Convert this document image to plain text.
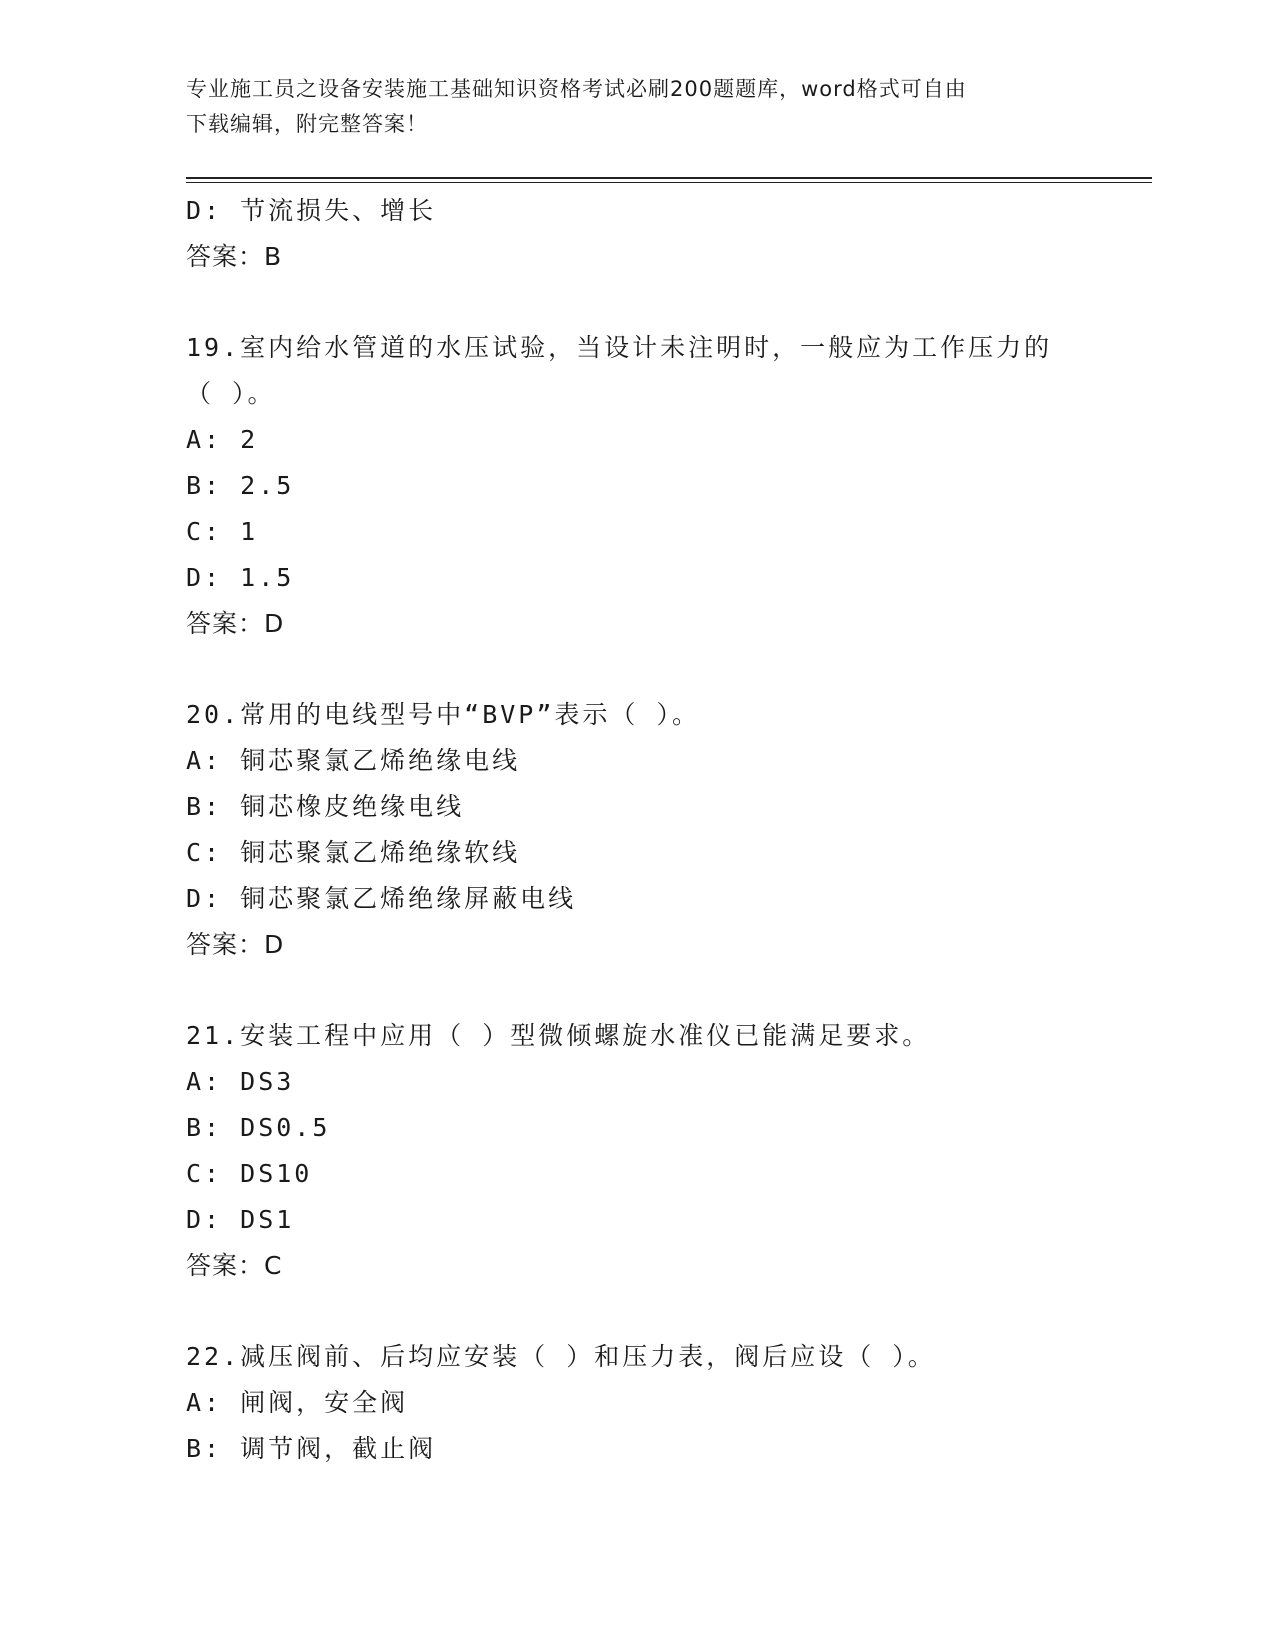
专业施工员之设备安装施工基础知识资格考试必刷200题题库，word格式可自由
下载编辑，附完整答案！
D: 节流损失、增长
答案：B
19.室内给水管道的水压试验，当设计未注明时，一般应为工作压力的
（ ）。
A: 2
B: 2.5
C: 1
D: 1.5
答案：D
20.常用的电线型号中“BVP”表示（ ）。
A: 铜芯聚氯乙烯绝缘电线
B: 铜芯橡皮绝缘电线
C: 铜芯聚氯乙烯绝缘软线
D: 铜芯聚氯乙烯绝缘屏蔽电线
答案：D
21.安装工程中应用（ ）型微倾螺旋水准仪已能满足要求。
A: DS3
B: DS0.5
C: DS10
D: DS1
答案：C
22.减压阀前、后均应安装（ ）和压力表，阀后应设（ ）。
A: 闸阀，安全阀
B: 调节阀，截止阀
